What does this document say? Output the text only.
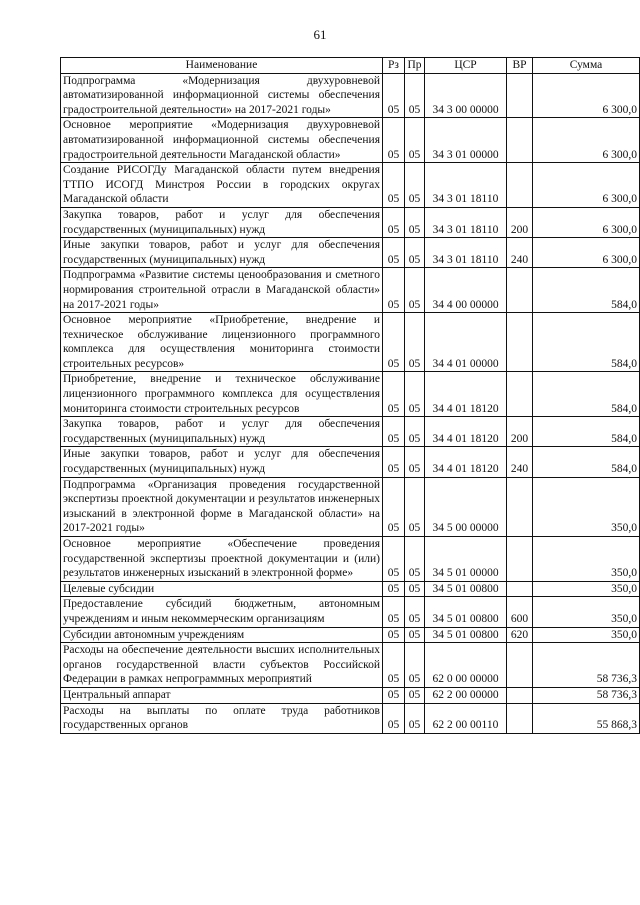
61
Наименование	Рз	Пр	ЦСР	ВР	Сумма
Подпрограмма «Модернизация двухуровневой автоматизированной информационной системы обеспечения градостроительной деятельности» на 2017-2021 годы»	05	05	34 3 00 00000		6 300,0
Основное мероприятие «Модернизация двухуровневой автоматизированной информационной системы обеспечения градостроительной деятельности Магаданской области»	05	05	34 3 01 00000		6 300,0
Создание РИСОГДу Магаданской области путем внедрения ТТПО ИСОГД Минстроя России в городских округах Магаданской области	05	05	34 3 01 18110		6 300,0
Закупка товаров, работ и услуг для обеспечения государственных (муниципальных) нужд	05	05	34 3 01 18110	200	6 300,0
Иные закупки товаров, работ и услуг для обеспечения государственных (муниципальных) нужд	05	05	34 3 01 18110	240	6 300,0
Подпрограмма «Развитие системы ценообразования и сметного нормирования строительной отрасли в Магаданской области» на 2017-2021 годы»	05	05	34 4 00 00000		584,0
Основное мероприятие «Приобретение, внедрение и техническое обслуживание лицензионного программного комплекса для осуществления мониторинга стоимости строительных ресурсов»	05	05	34 4 01 00000		584,0
Приобретение, внедрение и техническое обслуживание лицензионного программного комплекса для осуществления мониторинга стоимости строительных ресурсов	05	05	34 4 01 18120		584,0
Закупка товаров, работ и услуг для обеспечения государственных (муниципальных) нужд	05	05	34 4 01 18120	200	584,0
Иные закупки товаров, работ и услуг для обеспечения государственных (муниципальных) нужд	05	05	34 4 01 18120	240	584,0
Подпрограмма «Организация проведения государственной экспертизы проектной документации и результатов инженерных изысканий в электронной форме в Магаданской области» на 2017-2021 годы»	05	05	34 5 00 00000		350,0
Основное мероприятие «Обеспечение проведения государственной экспертизы проектной документации и (или) результатов инженерных изысканий в электронной форме»	05	05	34 5 01 00000		350,0
Целевые субсидии	05	05	34 5 01 00800		350,0
Предоставление субсидий бюджетным, автономным учреждениям и иным некоммерческим организациям	05	05	34 5 01 00800	600	350,0
Субсидии автономным учреждениям	05	05	34 5 01 00800	620	350,0
Расходы на обеспечение деятельности высших исполнительных органов государственной власти субъектов Российской Федерации в рамках непрограммных мероприятий	05	05	62 0 00 00000		58 736,3
Центральный аппарат	05	05	62 2 00 00000		58 736,3
Расходы на выплаты по оплате труда работников государственных органов	05	05	62 2 00 00110		55 868,3
